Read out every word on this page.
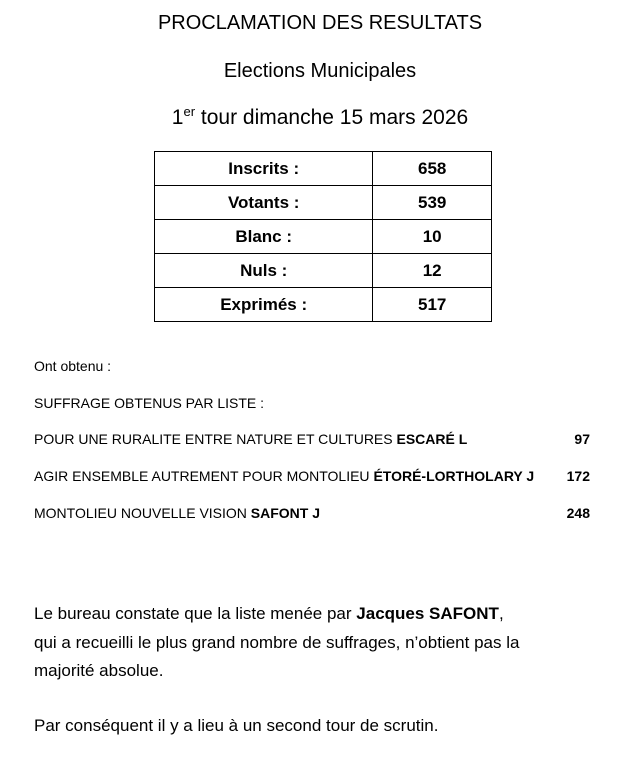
PROCLAMATION DES RESULTATS
Elections Municipales
1er tour dimanche 15 mars 2026
Inscrits :	658
Votants :	539
Blanc :	10
Nuls :	12
Exprimés :	517
Ont obtenu :
SUFFRAGE OBTENUS PAR LISTE :
POUR UNE RURALITE ENTRE NATURE ET CULTURES ESCARÉ L	97
AGIR ENSEMBLE AUTREMENT POUR MONTOLIEU ÉTORÉ-LORTHOLARY J 172
MONTOLIEU NOUVELLE VISION SAFONT J	248
Le bureau constate que la liste menée par Jacques SAFONT,
qui a recueilli le plus grand nombre de suffrages, n’obtient pas la
majorité absolue.
Par conséquent il y a lieu à un second tour de scrutin.
